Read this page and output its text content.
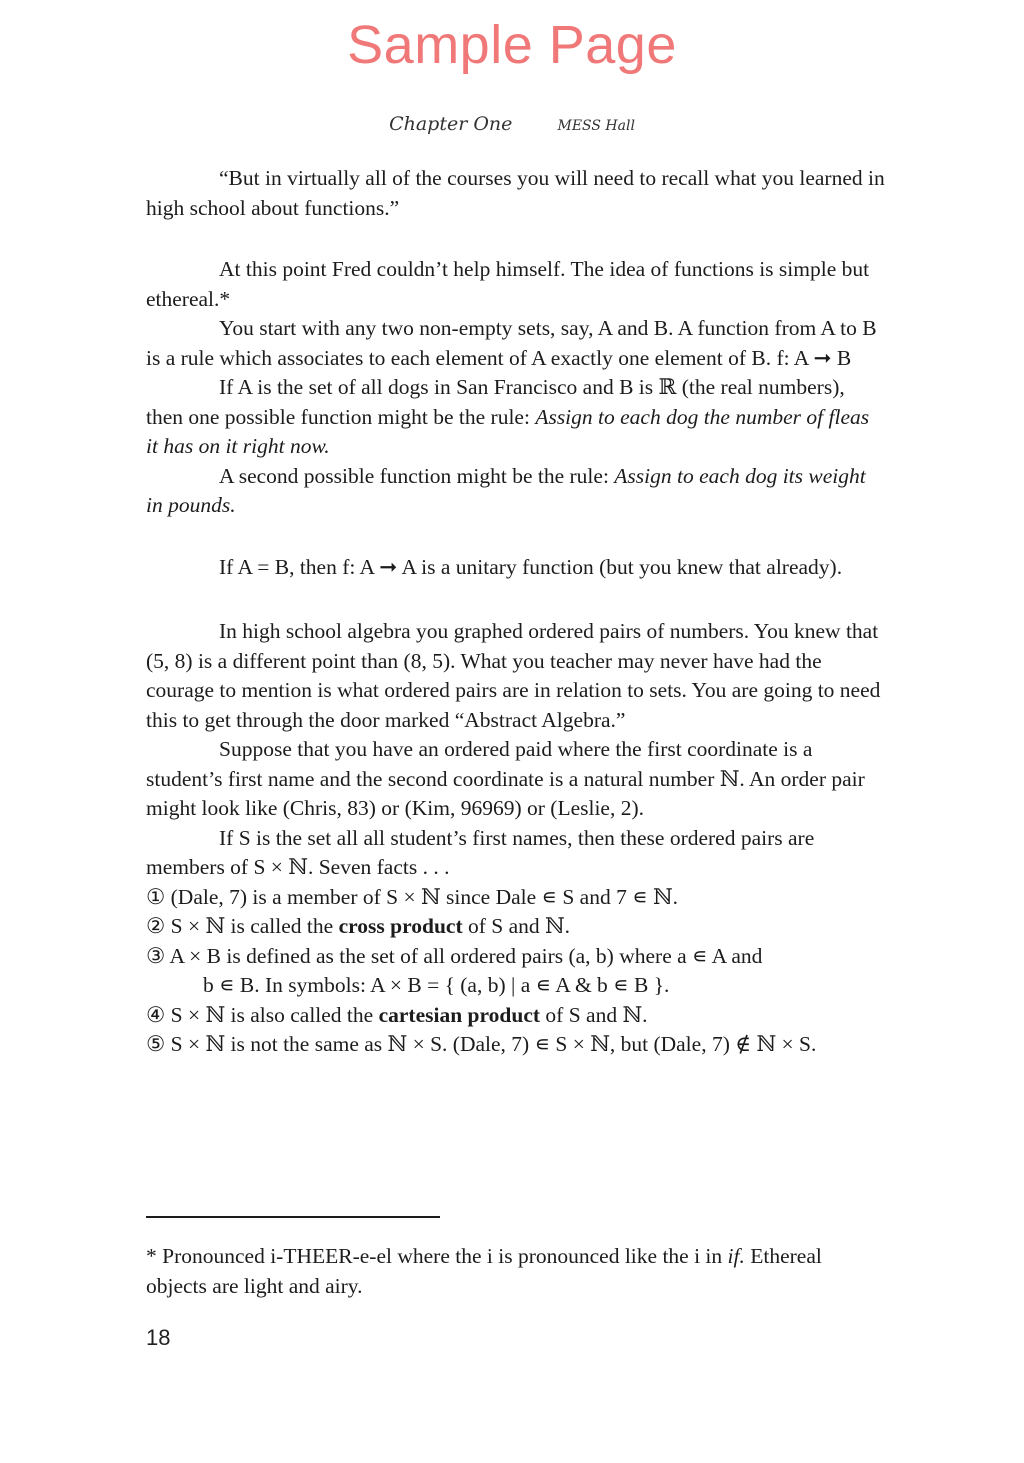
Sample Page
Chapter One	MESS Hall

“But in virtually all of the courses you will need to recall what you learned in high school about functions.”

At this point Fred couldn’t help himself. The idea of functions is simple but ethereal.*

You start with any two non-empty sets, say, A and B. A function from A to B is a rule which associates to each element of A exactly one element of B. f: A ➞ B

If A is the set of all dogs in San Francisco and B is ℝ (the real numbers), then one possible function might be the rule: Assign to each dog the number of fleas it has on it right now.

A second possible function might be the rule: Assign to each dog its weight in pounds.

If A = B, then f: A ➞ A is a unitary function (but you knew that already).

In high school algebra you graphed ordered pairs of numbers. You knew that (5, 8) is a different point than (8, 5). What you teacher may never have had the courage to mention is what ordered pairs are in relation to sets. You are going to need this to get through the door marked “Abstract Algebra.”

Suppose that you have an ordered paid where the first coordinate is a student’s first name and the second coordinate is a natural number ℕ. An order pair might look like (Chris, 83) or (Kim, 96969) or (Leslie, 2).

If S is the set all all student’s first names, then these ordered pairs are members of S × ℕ. Seven facts . . .

① (Dale, 7) is a member of S × ℕ since Dale ∊ S and 7 ∊ ℕ.

② S × ℕ is called the cross product of S and ℕ.

③ A × B is defined as the set of all ordered pairs (a, b) where a ∊ A and

b ∊ B. In symbols: A × B = { (a, b) | a ∊ A & b ∊ B }.

④ S × ℕ is also called the cartesian product of S and ℕ.

⑤ S × ℕ is not the same as ℕ × S. (Dale, 7) ∊ S × ℕ, but (Dale, 7) ∉ ℕ × S.

* Pronounced i-THEER-e-el where the i is pronounced like the i in if. Ethereal objects are light and airy.
18
